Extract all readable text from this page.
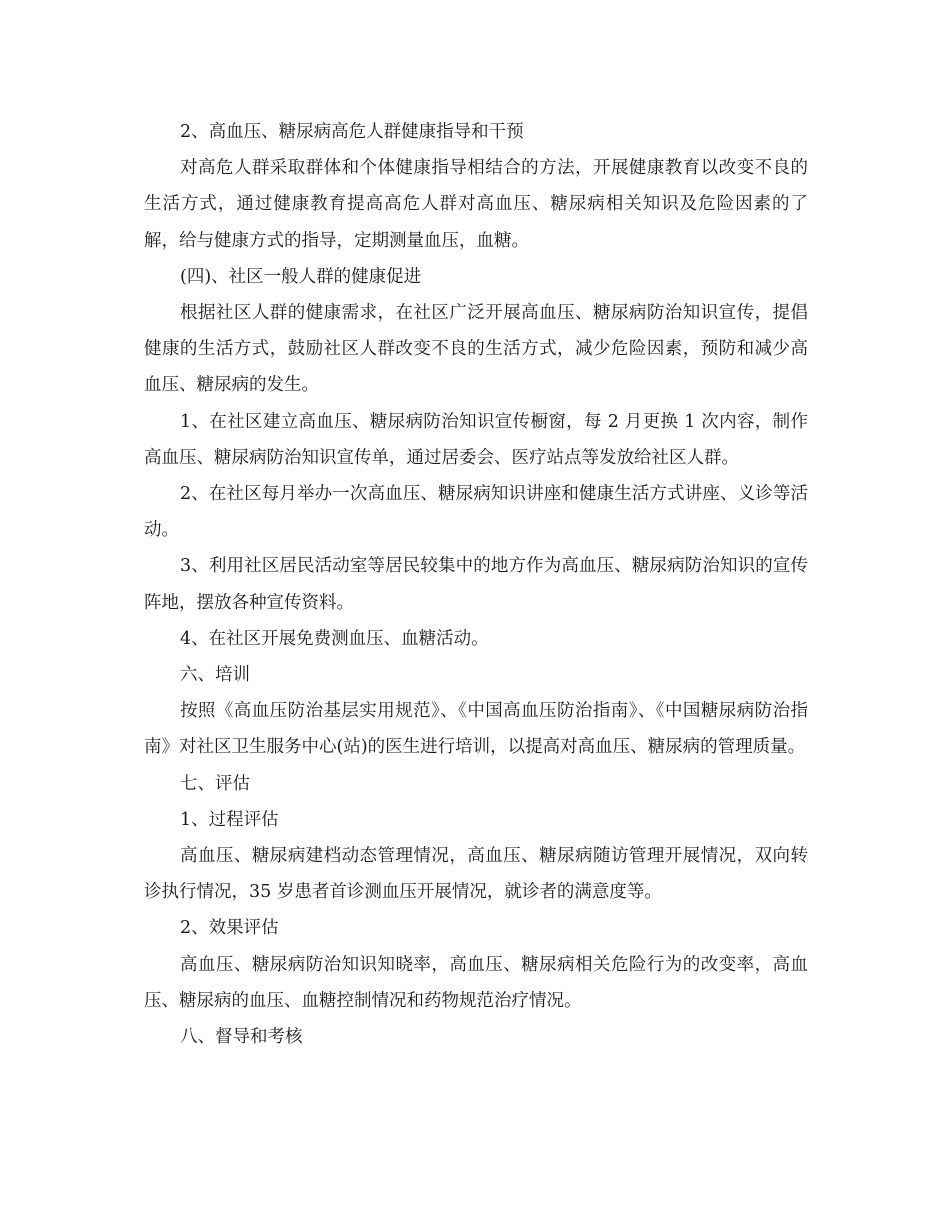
2、高血压、糖尿病高危人群健康指导和干预

对高危人群采取群体和个体健康指导相结合的方法，开展健康教育以改变不良的生活方式，通过健康教育提高高危人群对高血压、糖尿病相关知识及危险因素的了解，给与健康方式的指导，定期测量血压，血糖。

(四)、社区一般人群的健康促进

根据社区人群的健康需求，在社区广泛开展高血压、糖尿病防治知识宣传，提倡健康的生活方式，鼓励社区人群改变不良的生活方式，减少危险因素，预防和减少高血压、糖尿病的发生。

1、在社区建立高血压、糖尿病防治知识宣传橱窗，每 2 月更换 1 次内容，制作高血压、糖尿病防治知识宣传单，通过居委会、医疗站点等发放给社区人群。

2、在社区每月举办一次高血压、糖尿病知识讲座和健康生活方式讲座、义诊等活动。

3、利用社区居民活动室等居民较集中的地方作为高血压、糖尿病防治知识的宣传阵地，摆放各种宣传资料。

4、在社区开展免费测血压、血糖活动。

六、培训

按照《高血压防治基层实用规范》、《中国高血压防治指南》、《中国糖尿病防治指南》对社区卫生服务中心(站)的医生进行培训，以提高对高血压、糖尿病的管理质量。

七、评估

1、过程评估

高血压、糖尿病建档动态管理情况，高血压、糖尿病随访管理开展情况，双向转诊执行情况，35 岁患者首诊测血压开展情况，就诊者的满意度等。

2、效果评估

高血压、糖尿病防治知识知晓率，高血压、糖尿病相关危险行为的改变率，高血压、糖尿病的血压、血糖控制情况和药物规范治疗情况。

八、督导和考核
